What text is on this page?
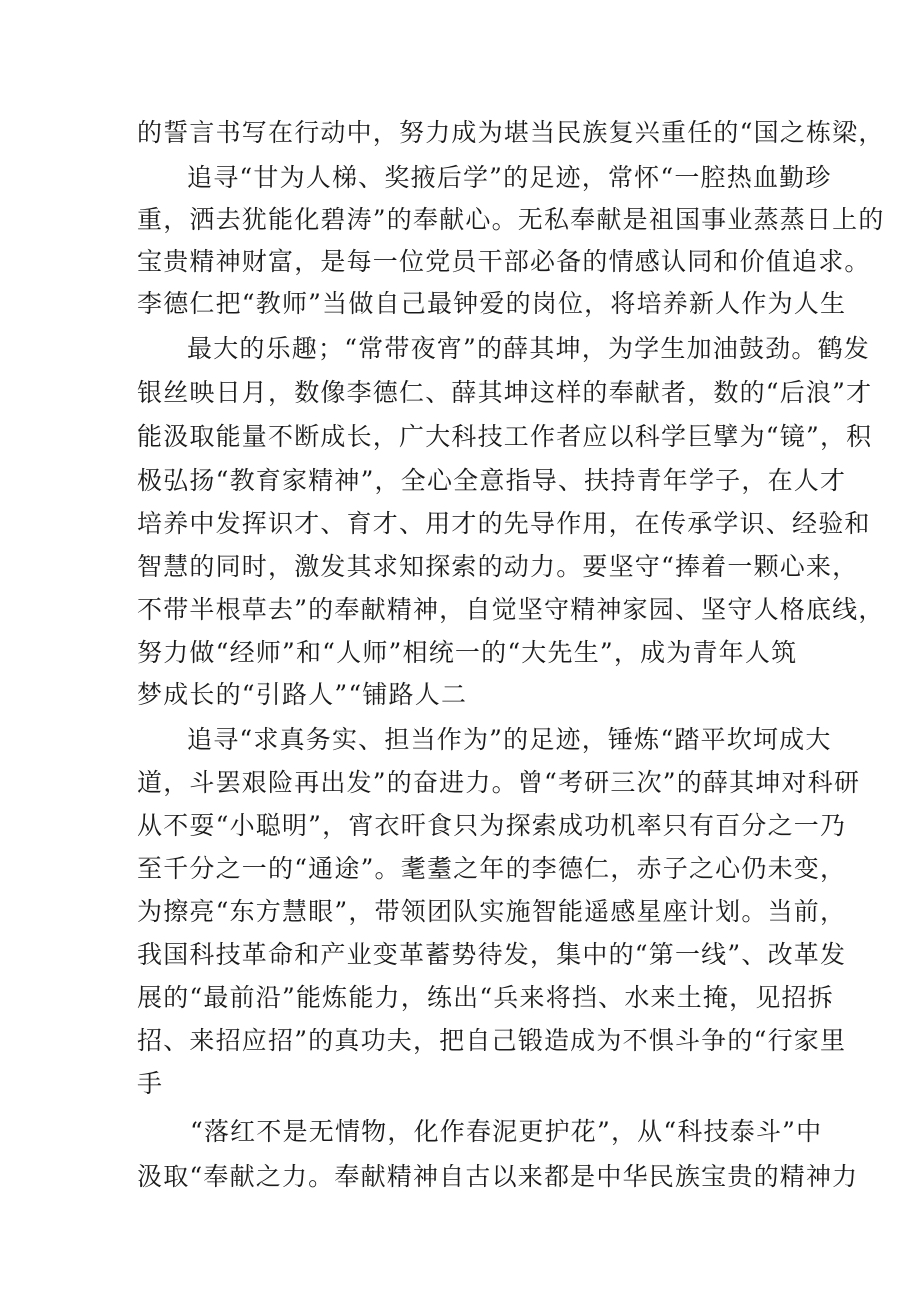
的誓言书写在行动中，努力成为堪当民族复兴重任的“国之栋梁，
追寻“甘为人梯、奖掖后学”的足迹，常怀“一腔热血勤珍
重，洒去犹能化碧涛”的奉献心。无私奉献是祖国事业蒸蒸日上的
宝贵精神财富，是每一位党员干部必备的情感认同和价值追求。
李德仁把“教师”当做自己最钟爱的岗位，将培养新人作为人生
最大的乐趣；“常带夜宵”的薛其坤，为学生加油鼓劲。鹤发
银丝映日月，数像李德仁、薛其坤这样的奉献者，数的“后浪”才
能汲取能量不断成长，广大科技工作者应以科学巨擘为“镜”，积
极弘扬“教育家精神”，全心全意指导、扶持青年学子，在人才
培养中发挥识才、育才、用才的先导作用，在传承学识、经验和
智慧的同时，激发其求知探索的动力。要坚守“捧着一颗心来，
不带半根草去”的奉献精神，自觉坚守精神家园、坚守人格底线，
努力做“经师”和“人师”相统一的“大先生”，成为青年人筑
梦成长的“引路人”“铺路人二
追寻“求真务实、担当作为”的足迹，锤炼“踏平坎坷成大
道，斗罢艰险再出发”的奋进力。曾“考研三次”的薛其坤对科研
从不耍“小聪明”，宵衣旰食只为探索成功机率只有百分之一乃
至千分之一的“通途”。耄耋之年的李德仁，赤子之心仍未变，
为擦亮“东方慧眼”，带领团队实施智能遥感星座计划。当前，
我国科技革命和产业变革蓄势待发，集中的“第一线”、改革发
展的“最前沿”能炼能力，练出“兵来将挡、水来土掩，见招拆
招、来招应招”的真功夫，把自己锻造成为不惧斗争的“行家里
手
“落红不是无情物，化作春泥更护花”，从“科技泰斗”中
汲取“奉献之力。奉献精神自古以来都是中华民族宝贵的精神力
